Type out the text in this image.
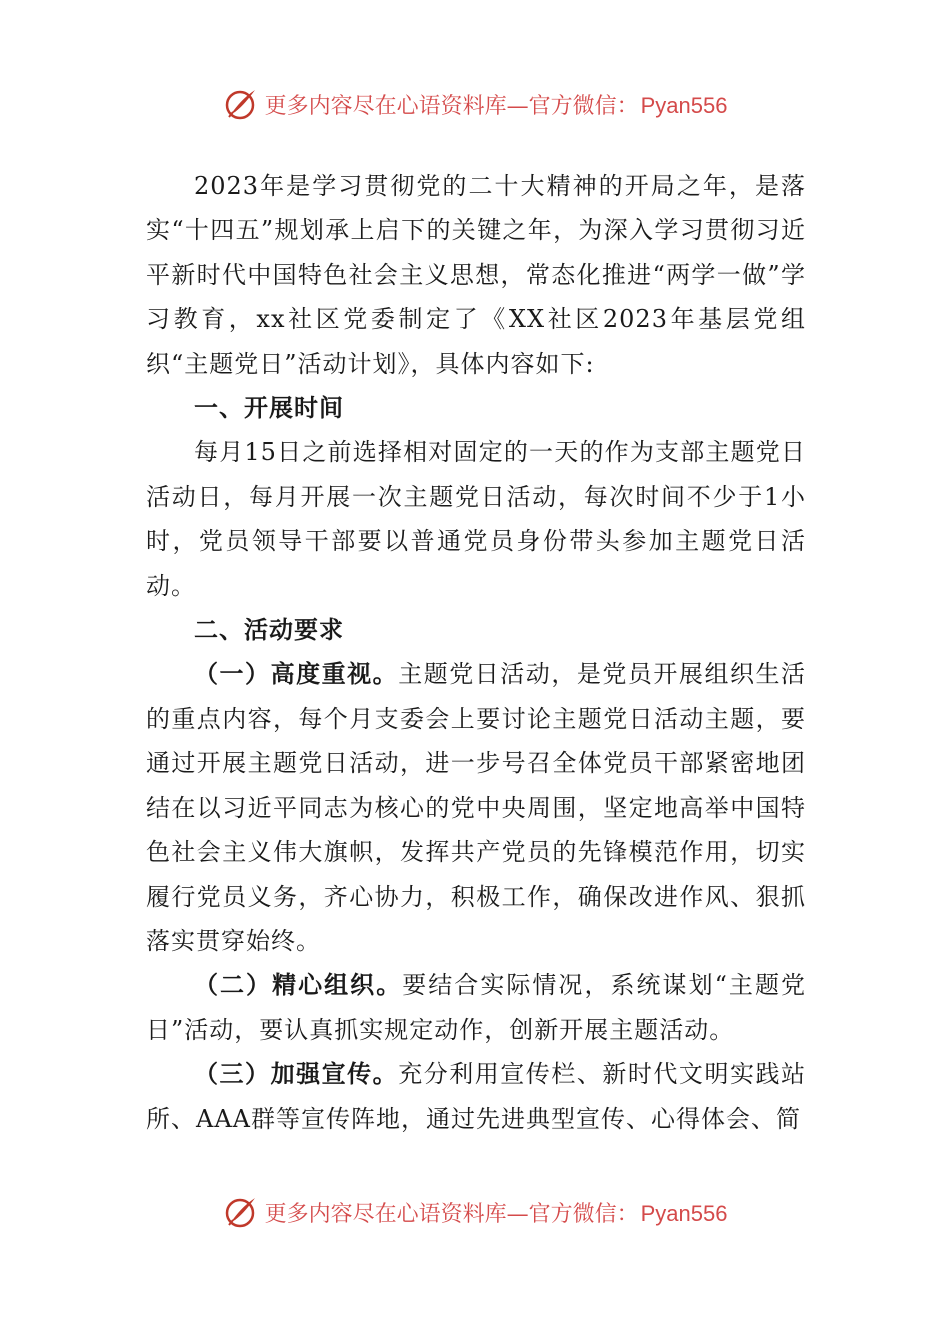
更多内容尽在心语资料库—官方微信：Pyan556

2023年是学习贯彻党的二十大精神的开局之年，是落实“十四五”规划承上启下的关键之年，为深入学习贯彻习近平新时代中国特色社会主义思想，常态化推进“两学一做”学习教育，xx社区党委制定了《XX社区2023年基层党组织“主题党日”活动计划》，具体内容如下:

一、开展时间

每月15日之前选择相对固定的一天的作为支部主题党日活动日，每月开展一次主题党日活动，每次时间不少于1小时，党员领导干部要以普通党员身份带头参加主题党日活动。

二、活动要求

（一）高度重视。主题党日活动，是党员开展组织生活的重点内容，每个月支委会上要讨论主题党日活动主题，要通过开展主题党日活动，进一步号召全体党员干部紧密地团结在以习近平同志为核心的党中央周围，坚定地高举中国特色社会主义伟大旗帜，发挥共产党员的先锋模范作用，切实履行党员义务，齐心协力，积极工作，确保改进作风、狠抓落实贯穿始终。

（二）精心组织。要结合实际情况，系统谋划“主题党日”活动，要认真抓实规定动作，创新开展主题活动。

（三）加强宣传。充分利用宣传栏、新时代文明实践站所、AAA群等宣传阵地，通过先进典型宣传、心得体会、简

更多内容尽在心语资料库—官方微信：Pyan556
